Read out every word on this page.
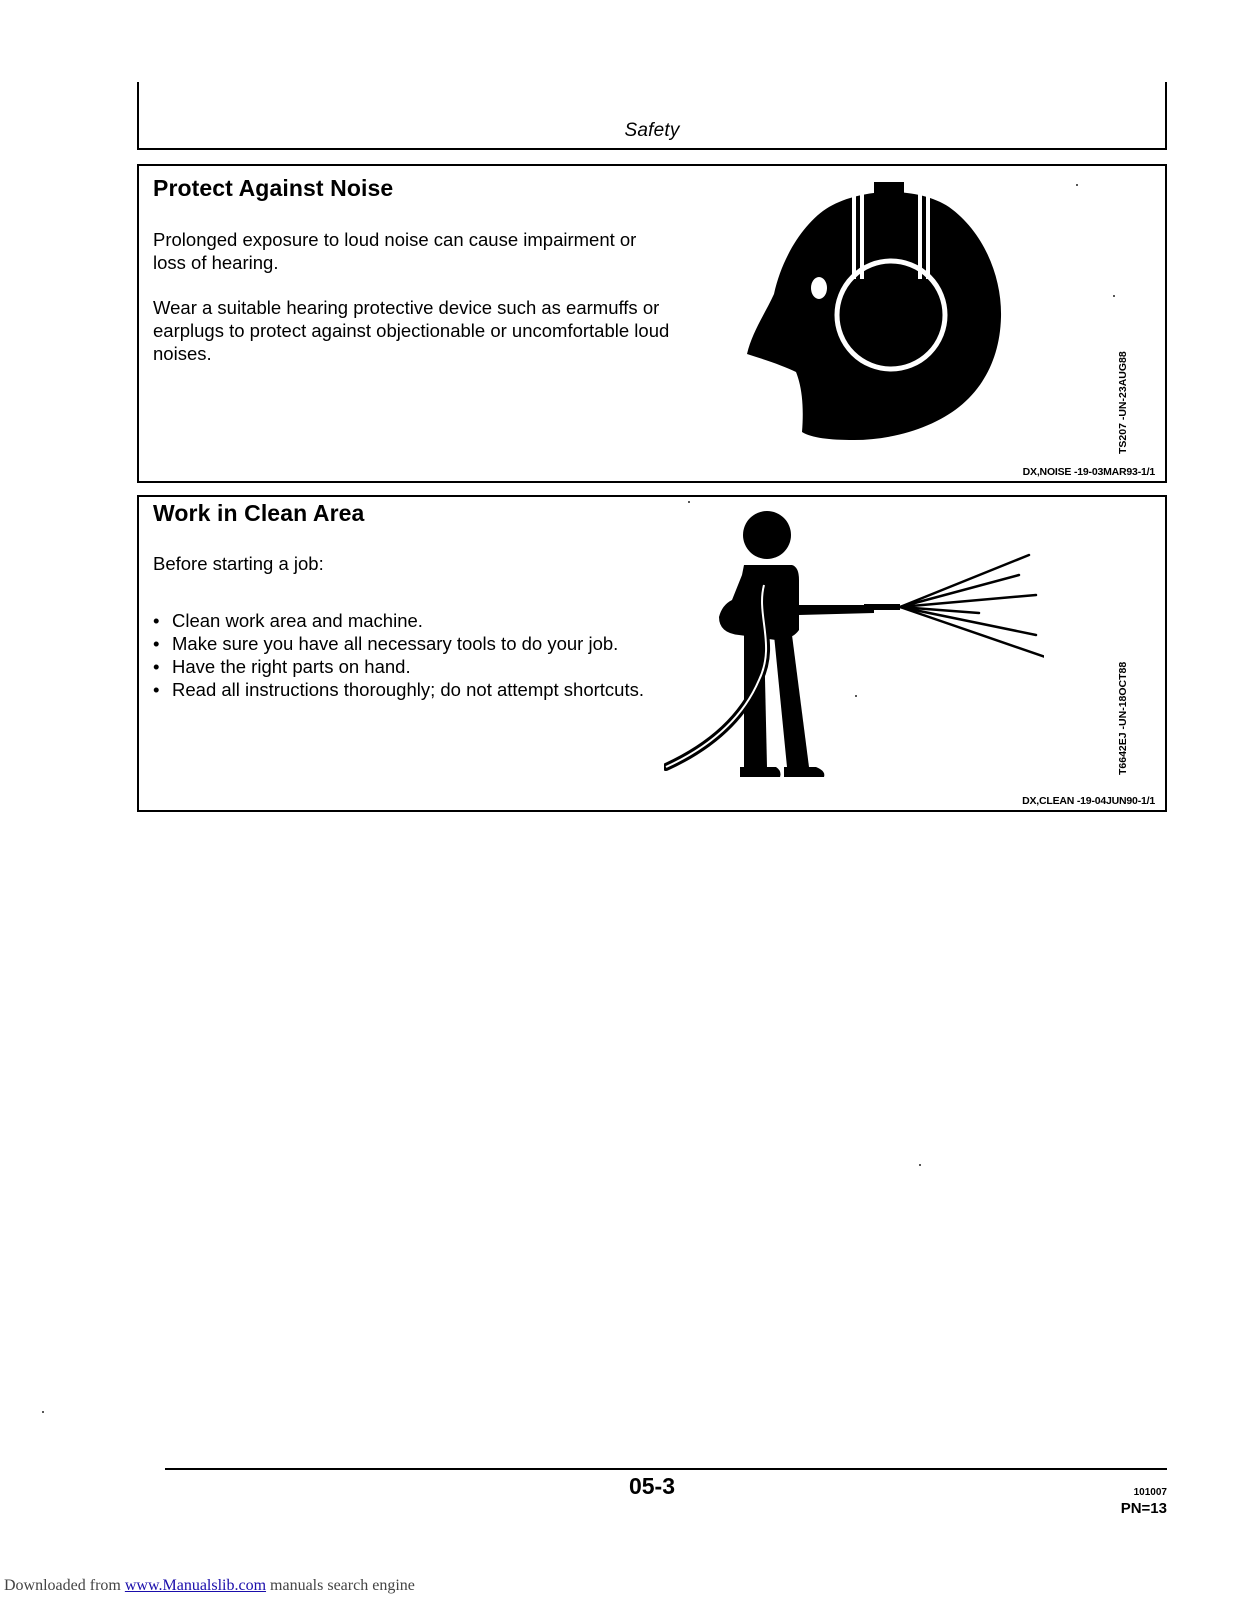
Safety
Protect Against Noise

Prolonged exposure to loud noise can cause impairment or loss of hearing.

Wear a suitable hearing protective device such as earmuffs or earplugs to protect against objectionable or uncomfortable loud noises.	TS207 -UN-23AUG88
DX,NOISE -19-03MAR93-1/1
Work in Clean Area

Before starting a job:

• Clean work area and machine.
• Make sure you have all necessary tools to do your job.
• Have the right parts on hand.
• Read all instructions thoroughly; do not attempt shortcuts.	T6642EJ -UN-18OCT88
DX,CLEAN -19-04JUN90-1/1
05-3	101007
PN=13
Downloaded from www.Manualslib.com manuals search engine
